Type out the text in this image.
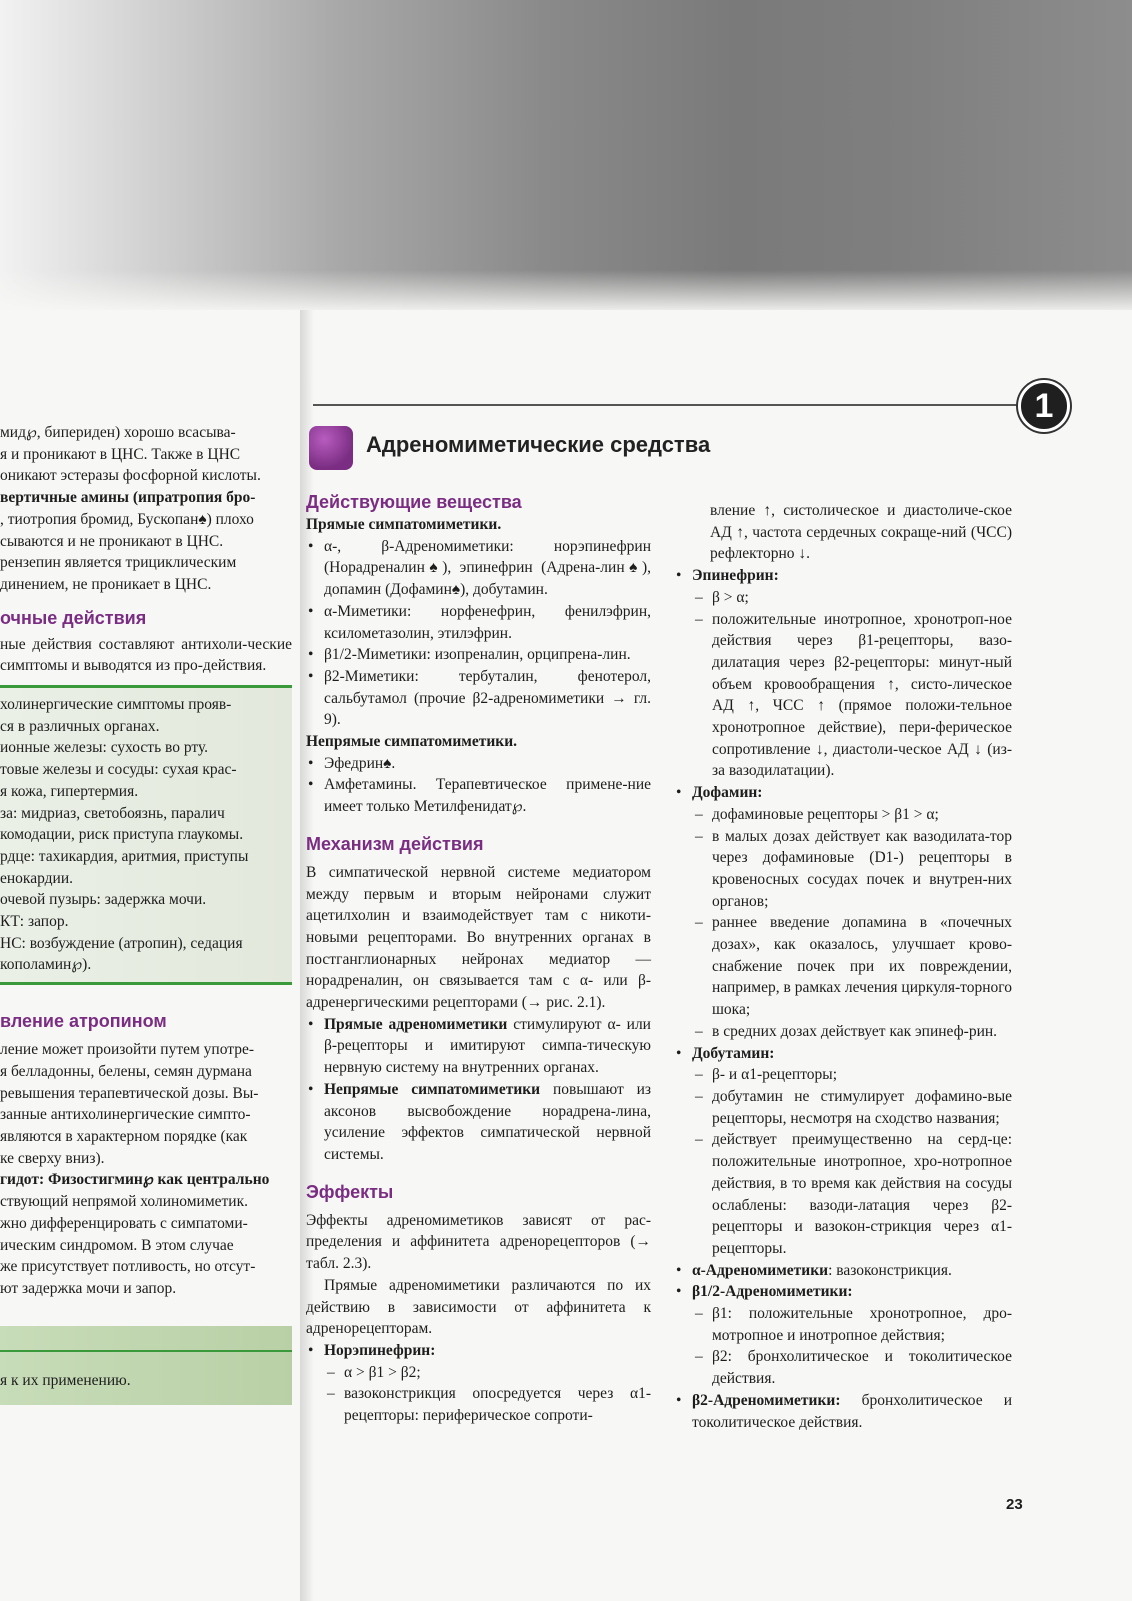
1
Адреномиметические средства

мид℘, бипериден) хорошо всасыва-

я и проникают в ЦНС. Также в ЦНС

оникают эстеразы фосфорной кислоты.

вертичные амины (ипратропия бро-

, тиотропия бромид, Бускопан♠) плохо

сываются и не проникают в ЦНС.

рензепин является трициклическим

динением, не проникает в ЦНС.

очные действия

ные действия составляют антихоли-ческие симптомы и выводятся из про-действия.

холинергические симптомы прояв-

ся в различных органах.

ионные железы: сухость во рту.

товые железы и сосуды: сухая крас-

я кожа, гипертермия.

за: мидриаз, светобоязнь, паралич

комодации, риск приступа глаукомы.

рдце: тахикардия, аритмия, приступы

енокардии.

очевой пузырь: задержка мочи.

КТ: запор.

НС: возбуждение (атропин), седация

кополамин℘).

вление атропином

ление может произойти путем употре-

я белладонны, белены, семян дурмана

ревышения терапевтической дозы. Вы-

занные антихолинергические симпто-

являются в характерном порядке (как

ке сверху вниз).

гидот: Физостигмин℘ как центрально

ствующий непрямой холиномиметик.

жно дифференцировать с симпатоми-

ическим синдромом. В этом случае

же присутствует потливость, но отсут-

ют задержка мочи и запор.

я к их применению.

Действующие вещества

Прямые симпатомиметики.

• α-, β-Адреномиметики: норэпинефрин (Норадреналин♠), эпинефрин (Адрена-лин♠), допамин (Дофамин♠), добутамин.
• α-Миметики: норфенефрин, фенилэфрин, ксилометазолин, этилэфрин.
• β1/2-Миметики: изопреналин, орципрена-лин.
• β2-Миметики: тербуталин, фенотерол, сальбутамол (прочие β2-адреномиметики → гл. 9).

Непрямые симпатомиметики.

• Эфедрин♠.
• Амфетамины. Терапевтическое примене-ние имеет только Метилфенидат℘.
Механизм действия

В симпатической нервной системе медиатором между первым и вторым нейронами служит ацетилхолин и взаимодействует там с никоти-новыми рецепторами. Во внутренних органах в постганглионарных нейронах медиатор — норадреналин, он связывается там с α- или β-адренергическими рецепторами (→ рис. 2.1).

• Прямые адреномиметики стимулируют α- или β-рецепторы и имитируют симпа-тическую нервную систему на внутренних органах.
• Непрямые симпатомиметики повышают из аксонов высвобождение норадрена-лина, усиление эффектов симпатической нервной системы.
Эффекты

Эффекты адреномиметиков зависят от рас-пределения и аффинитета адренорецепторов (→ табл. 2.3).

Прямые адреномиметики различаются по их действию в зависимости от аффинитета к адренорецепторам.

• Норэпинефрин:
– α > β1 > β2;
– вазоконстрикция опосредуется через α1-рецепторы: периферическое сопроти-

вление ↑, систолическое и диастоличе-ское АД ↑, частота сердечных сокраще-ний (ЧСС) рефлекторно ↓.

• Эпинефрин:
– β > α;
– положительные инотропное, хронотроп-ное действия через β1-рецепторы, вазо-дилатация через β2-рецепторы: минут-ный объем кровообращения ↑, систо-лическое АД ↑, ЧСС ↑ (прямое положи-тельное хронотропное действие), пери-ферическое сопротивление ↓, диастоли-ческое АД ↓ (из-за вазодилатации).
• Дофамин:
– дофаминовые рецепторы > β1 > α;
– в малых дозах действует как вазодилата-тор через дофаминовые (D1-) рецепторы в кровеносных сосудах почек и внутрен-них органов;
– раннее введение допамина в «почечных дозах», как оказалось, улучшает крово-снабжение почек при их повреждении, например, в рамках лечения циркуля-торного шока;
– в средних дозах действует как эпинеф-рин.
• Добутамин:
– β- и α1-рецепторы;
– добутамин не стимулирует дофамино-вые рецепторы, несмотря на сходство названия;
– действует преимущественно на серд-це: положительные инотропное, хро-нотропное действия, в то время как действия на сосуды ослаблены: вазоди-латация через β2-рецепторы и вазокон-стрикция через α1-рецепторы.
• α-Адреномиметики: вазоконстрикция.
• β1/2-Адреномиметики:
– β1: положительные хронотропное, дро-мотропное и инотропное действия;
– β2: бронхолитическое и токолитическое действия.
• β2-Адреномиметики: бронхолитическое и токолитическое действия.
23
